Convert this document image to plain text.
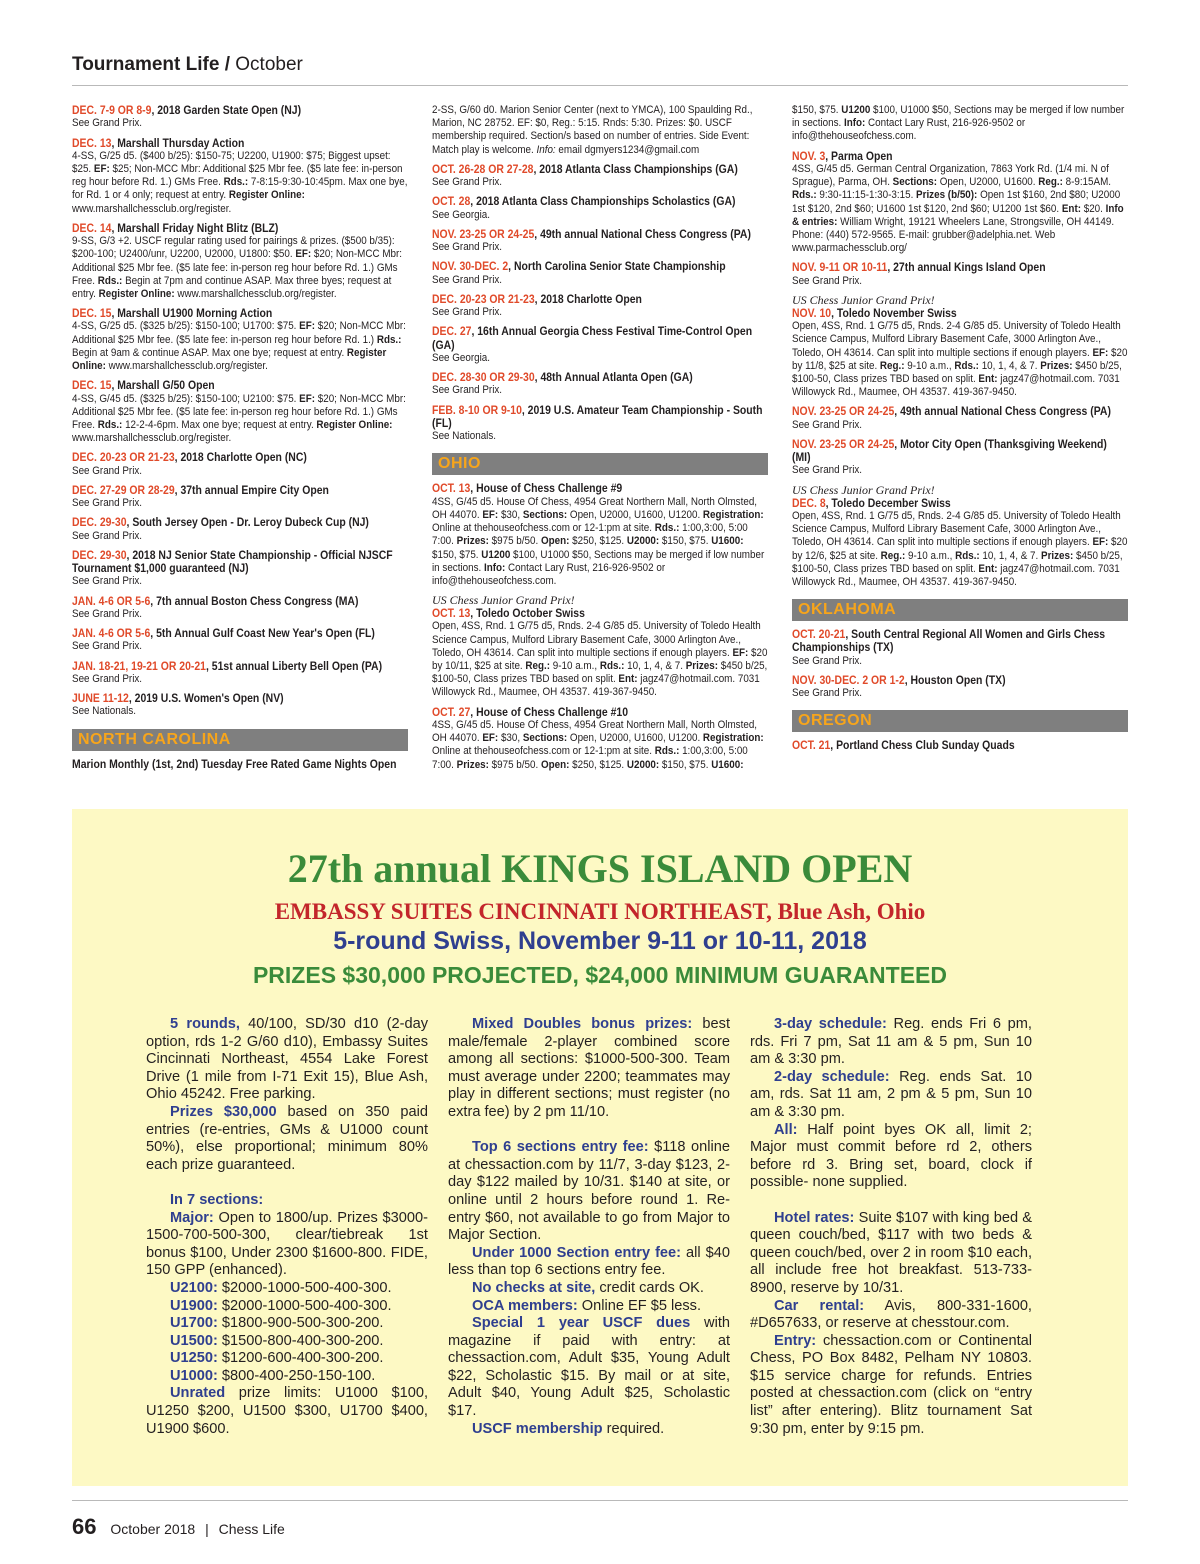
Tournament Life / October
DEC. 7-9 OR 8-9, 2018 Garden State Open (NJ)
See Grand Prix.
DEC. 13, Marshall Thursday Action
4-SS, G/25 d5. ($400 b/25): $150-75; U2200, U1900: $75; Biggest upset: $25. EF: $25; Non-MCC Mbr: Additional $25 Mbr fee. ($5 late fee: in-person reg hour before Rd. 1.) GMs Free. Rds.: 7-8:15-9:30-10:45pm. Max one bye, for Rd. 1 or 4 only; request at entry. Register Online: www.marshallchessclub.org/register.
DEC. 14, Marshall Friday Night Blitz (BLZ)
9-SS, G/3 +2. USCF regular rating used for pairings & prizes. ($500 b/35): $200-100; U2400/unr, U2200, U2000, U1800: $50. EF: $20; Non-MCC Mbr: Additional $25 Mbr fee. ($5 late fee: in-person reg hour before Rd. 1.) GMs Free. Rds.: Begin at 7pm and continue ASAP. Max three byes; request at entry. Register Online: www.marshallchessclub.org/register.
DEC. 15, Marshall U1900 Morning Action
4-SS, G/25 d5. ($325 b/25): $150-100; U1700: $75. EF: $20; Non-MCC Mbr: Additional $25 Mbr fee. ($5 late fee: in-person reg hour before Rd. 1.) Rds.: Begin at 9am & continue ASAP. Max one bye; request at entry. Register Online: www.marshallchessclub.org/register.
DEC. 15, Marshall G/50 Open
4-SS, G/45 d5. ($325 b/25): $150-100; U2100: $75. EF: $20; Non-MCC Mbr: Additional $25 Mbr fee. ($5 late fee: in-person reg hour before Rd. 1.) GMs Free. Rds.: 12-2-4-6pm. Max one bye; request at entry. Register Online: www.marshallchessclub.org/register.
DEC. 20-23 OR 21-23, 2018 Charlotte Open (NC)
See Grand Prix.
DEC. 27-29 OR 28-29, 37th annual Empire City Open
See Grand Prix.
DEC. 29-30, South Jersey Open - Dr. Leroy Dubeck Cup (NJ)
See Grand Prix.
DEC. 29-30, 2018 NJ Senior State Championship - Official NJSCF Tournament $1,000 guaranteed (NJ)
See Grand Prix.
JAN. 4-6 OR 5-6, 7th annual Boston Chess Congress (MA)
See Grand Prix.
JAN. 4-6 OR 5-6, 5th Annual Gulf Coast New Year's Open (FL)
See Grand Prix.
JAN. 18-21, 19-21 OR 20-21, 51st annual Liberty Bell Open (PA)
See Grand Prix.
JUNE 11-12, 2019 U.S. Women's Open (NV)
See Nationals.
NORTH CAROLINA
Marion Monthly (1st, 2nd) Tuesday Free Rated Game Nights Open
2-SS, G/60 d0. Marion Senior Center (next to YMCA), 100 Spaulding Rd., Marion, NC 28752. EF: $0, Reg.: 5:15. Rnds: 5:30. Prizes: $0. USCF membership required. Section/s based on number of entries. Side Event: Match play is welcome. Info: email dgmyers1234@gmail.com
OCT. 26-28 OR 27-28, 2018 Atlanta Class Championships (GA)
See Grand Prix.
OCT. 28, 2018 Atlanta Class Championships Scholastics (GA)
See Georgia.
NOV. 23-25 OR 24-25, 49th annual National Chess Congress (PA)
See Grand Prix.
NOV. 30-DEC. 2, North Carolina Senior State Championship
See Grand Prix.
DEC. 20-23 OR 21-23, 2018 Charlotte Open
See Grand Prix.
DEC. 27, 16th Annual Georgia Chess Festival Time-Control Open (GA)
See Georgia.
DEC. 28-30 OR 29-30, 48th Annual Atlanta Open (GA)
See Grand Prix.
FEB. 8-10 OR 9-10, 2019 U.S. Amateur Team Championship - South (FL)
See Nationals.
OHIO
OCT. 13, House of Chess Challenge #9
4SS, G/45 d5. House Of Chess, 4954 Great Northern Mall, North Olmsted, OH 44070. EF: $30, Sections: Open, U2000, U1600, U1200. Registration: Online at thehouseofchess.com or 12-1:pm at site. Rds.: 1:00,3:00, 5:00 7:00. Prizes: $975 b/50. Open: $250, $125. U2000: $150, $75. U1600: $150, $75. U1200 $100, U1000 $50, Sections may be merged if low number in sections. Info: Contact Lary Rust, 216-926-9502 or info@thehouseofchess.com.
US Chess Junior Grand Prix!
OCT. 13, Toledo October Swiss
Open, 4SS, Rnd. 1 G/75 d5, Rnds. 2-4 G/85 d5. University of Toledo Health Science Campus, Mulford Library Basement Cafe, 3000 Arlington Ave., Toledo, OH 43614. Can split into multiple sections if enough players. EF: $20 by 10/11, $25 at site. Reg.: 9-10 a.m., Rds.: 10, 1, 4, & 7. Prizes: $450 b/25, $100-50, Class prizes TBD based on split. Ent: jagz47@hotmail.com. 7031 Willowyck Rd., Maumee, OH 43537. 419-367-9450.
OCT. 27, House of Chess Challenge #10
4SS, G/45 d5. House Of Chess, 4954 Great Northern Mall, North Olmsted, OH 44070. EF: $30, Sections: Open, U2000, U1600, U1200. Registration: Online at thehouseofchess.com or 12-1:pm at site. Rds.: 1:00,3:00, 5:00 7:00. Prizes: $975 b/50. Open: $250, $125. U2000: $150, $75. U1600:
$150, $75. U1200 $100, U1000 $50, Sections may be merged if low number in sections. Info: Contact Lary Rust, 216-926-9502 or info@thehouseofchess.com.
NOV. 3, Parma Open
4SS, G/45 d5. German Central Organization, 7863 York Rd. (1/4 mi. N of Sprague), Parma, OH. Sections: Open, U2000, U1600. Reg.: 8-9:15AM. Rds.: 9:30-11:15-1:30-3:15. Prizes (b/50): Open 1st $160, 2nd $80; U2000 1st $120, 2nd $60; U1600 1st $120, 2nd $60; U1200 1st $60. Ent: $20. Info & entries: William Wright, 19121 Wheelers Lane, Strongsville, OH 44149. Phone: (440) 572-9565. E-mail: grubber@adelphia.net. Web www.parmachessclub.org/
NOV. 9-11 OR 10-11, 27th annual Kings Island Open
See Grand Prix.
US Chess Junior Grand Prix!
NOV. 10, Toledo November Swiss
Open, 4SS, Rnd. 1 G/75 d5, Rnds. 2-4 G/85 d5. University of Toledo Health Science Campus, Mulford Library Basement Cafe, 3000 Arlington Ave., Toledo, OH 43614. Can split into multiple sections if enough players. EF: $20 by 11/8, $25 at site. Reg.: 9-10 a.m., Rds.: 10, 1, 4, & 7. Prizes: $450 b/25, $100-50, Class prizes TBD based on split. Ent: jagz47@hotmail.com. 7031 Willowyck Rd., Maumee, OH 43537. 419-367-9450.
NOV. 23-25 OR 24-25, 49th annual National Chess Congress (PA)
See Grand Prix.
NOV. 23-25 OR 24-25, Motor City Open (Thanksgiving Weekend) (MI)
See Grand Prix.
US Chess Junior Grand Prix!
DEC. 8, Toledo December Swiss
Open, 4SS, Rnd. 1 G/75 d5, Rnds. 2-4 G/85 d5. University of Toledo Health Science Campus, Mulford Library Basement Cafe, 3000 Arlington Ave., Toledo, OH 43614. Can split into multiple sections if enough players. EF: $20 by 12/6, $25 at site. Reg.: 9-10 a.m., Rds.: 10, 1, 4, & 7. Prizes: $450 b/25, $100-50, Class prizes TBD based on split. Ent: jagz47@hotmail.com. 7031 Willowyck Rd., Maumee, OH 43537. 419-367-9450.
OKLAHOMA
OCT. 20-21, South Central Regional All Women and Girls Chess Championships (TX)
See Grand Prix.
NOV. 30-DEC. 2 OR 1-2, Houston Open (TX)
See Grand Prix.
OREGON
OCT. 21, Portland Chess Club Sunday Quads
27th annual KINGS ISLAND OPEN
EMBASSY SUITES CINCINNATI NORTHEAST, Blue Ash, Ohio
5-round Swiss, November 9-11 or 10-11, 2018
PRIZES $30,000 PROJECTED, $24,000 MINIMUM GUARANTEED

5 rounds, 40/100, SD/30 d10 (2-day option, rds 1-2 G/60 d10), Embassy Suites Cincinnati Northeast, 4554 Lake Forest Drive (1 mile from I-71 Exit 15), Blue Ash, Ohio 45242. Free parking.

Prizes $30,000 based on 350 paid entries (re-entries, GMs & U1000 count 50%), else proportional; minimum 80% each prize guaranteed.

In 7 sections:

Major: Open to 1800/up. Prizes $3000-1500-700-500-300, clear/tiebreak 1st bonus $100, Under 2300 $1600-800. FIDE, 150 GPP (enhanced).

U2100: $2000-1000-500-400-300.

U1900: $2000-1000-500-400-300.

U1700: $1800-900-500-300-200.

U1500: $1500-800-400-300-200.

U1250: $1200-600-400-300-200.

U1000: $800-400-250-150-100.

Unrated prize limits: U1000 $100, U1250 $200, U1500 $300, U1700 $400, U1900 $600.

Mixed Doubles bonus prizes: best male/female 2-player combined score among all sections: $1000-500-300. Team must average under 2200; teammates may play in different sections; must register (no extra fee) by 2 pm 11/10.

Top 6 sections entry fee: $118 online at chessaction.com by 11/7, 3-day $123, 2-day $122 mailed by 10/31. $140 at site, or online until 2 hours before round 1. Re-entry $60, not available to go from Major to Major Section.

Under 1000 Section entry fee: all $40 less than top 6 sections entry fee.

No checks at site, credit cards OK.

OCA members: Online EF $5 less.

Special 1 year USCF dues with magazine if paid with entry: at chessaction.com, Adult $35, Young Adult $22, Scholastic $15. By mail or at site, Adult $40, Young Adult $25, Scholastic $17.

USCF membership required.

3-day schedule: Reg. ends Fri 6 pm, rds. Fri 7 pm, Sat 11 am & 5 pm, Sun 10 am & 3:30 pm.

2-day schedule: Reg. ends Sat. 10 am, rds. Sat 11 am, 2 pm & 5 pm, Sun 10 am & 3:30 pm.

All: Half point byes OK all, limit 2; Major must commit before rd 2, others before rd 3. Bring set, board, clock if possible- none supplied.

Hotel rates: Suite $107 with king bed & queen couch/bed, $117 with two beds & queen couch/bed, over 2 in room $10 each, all include free hot breakfast. 513-733-8900, reserve by 10/31.

Car rental: Avis, 800-331-1600, #D657633, or reserve at chesstour.com.

Entry: chessaction.com or Continental Chess, PO Box 8482, Pelham NY 10803. $15 service charge for refunds. Entries posted at chessaction.com (click on “entry list” after entering). Blitz tournament Sat 9:30 pm, enter by 9:15 pm.

66 October 2018 | Chess Life
